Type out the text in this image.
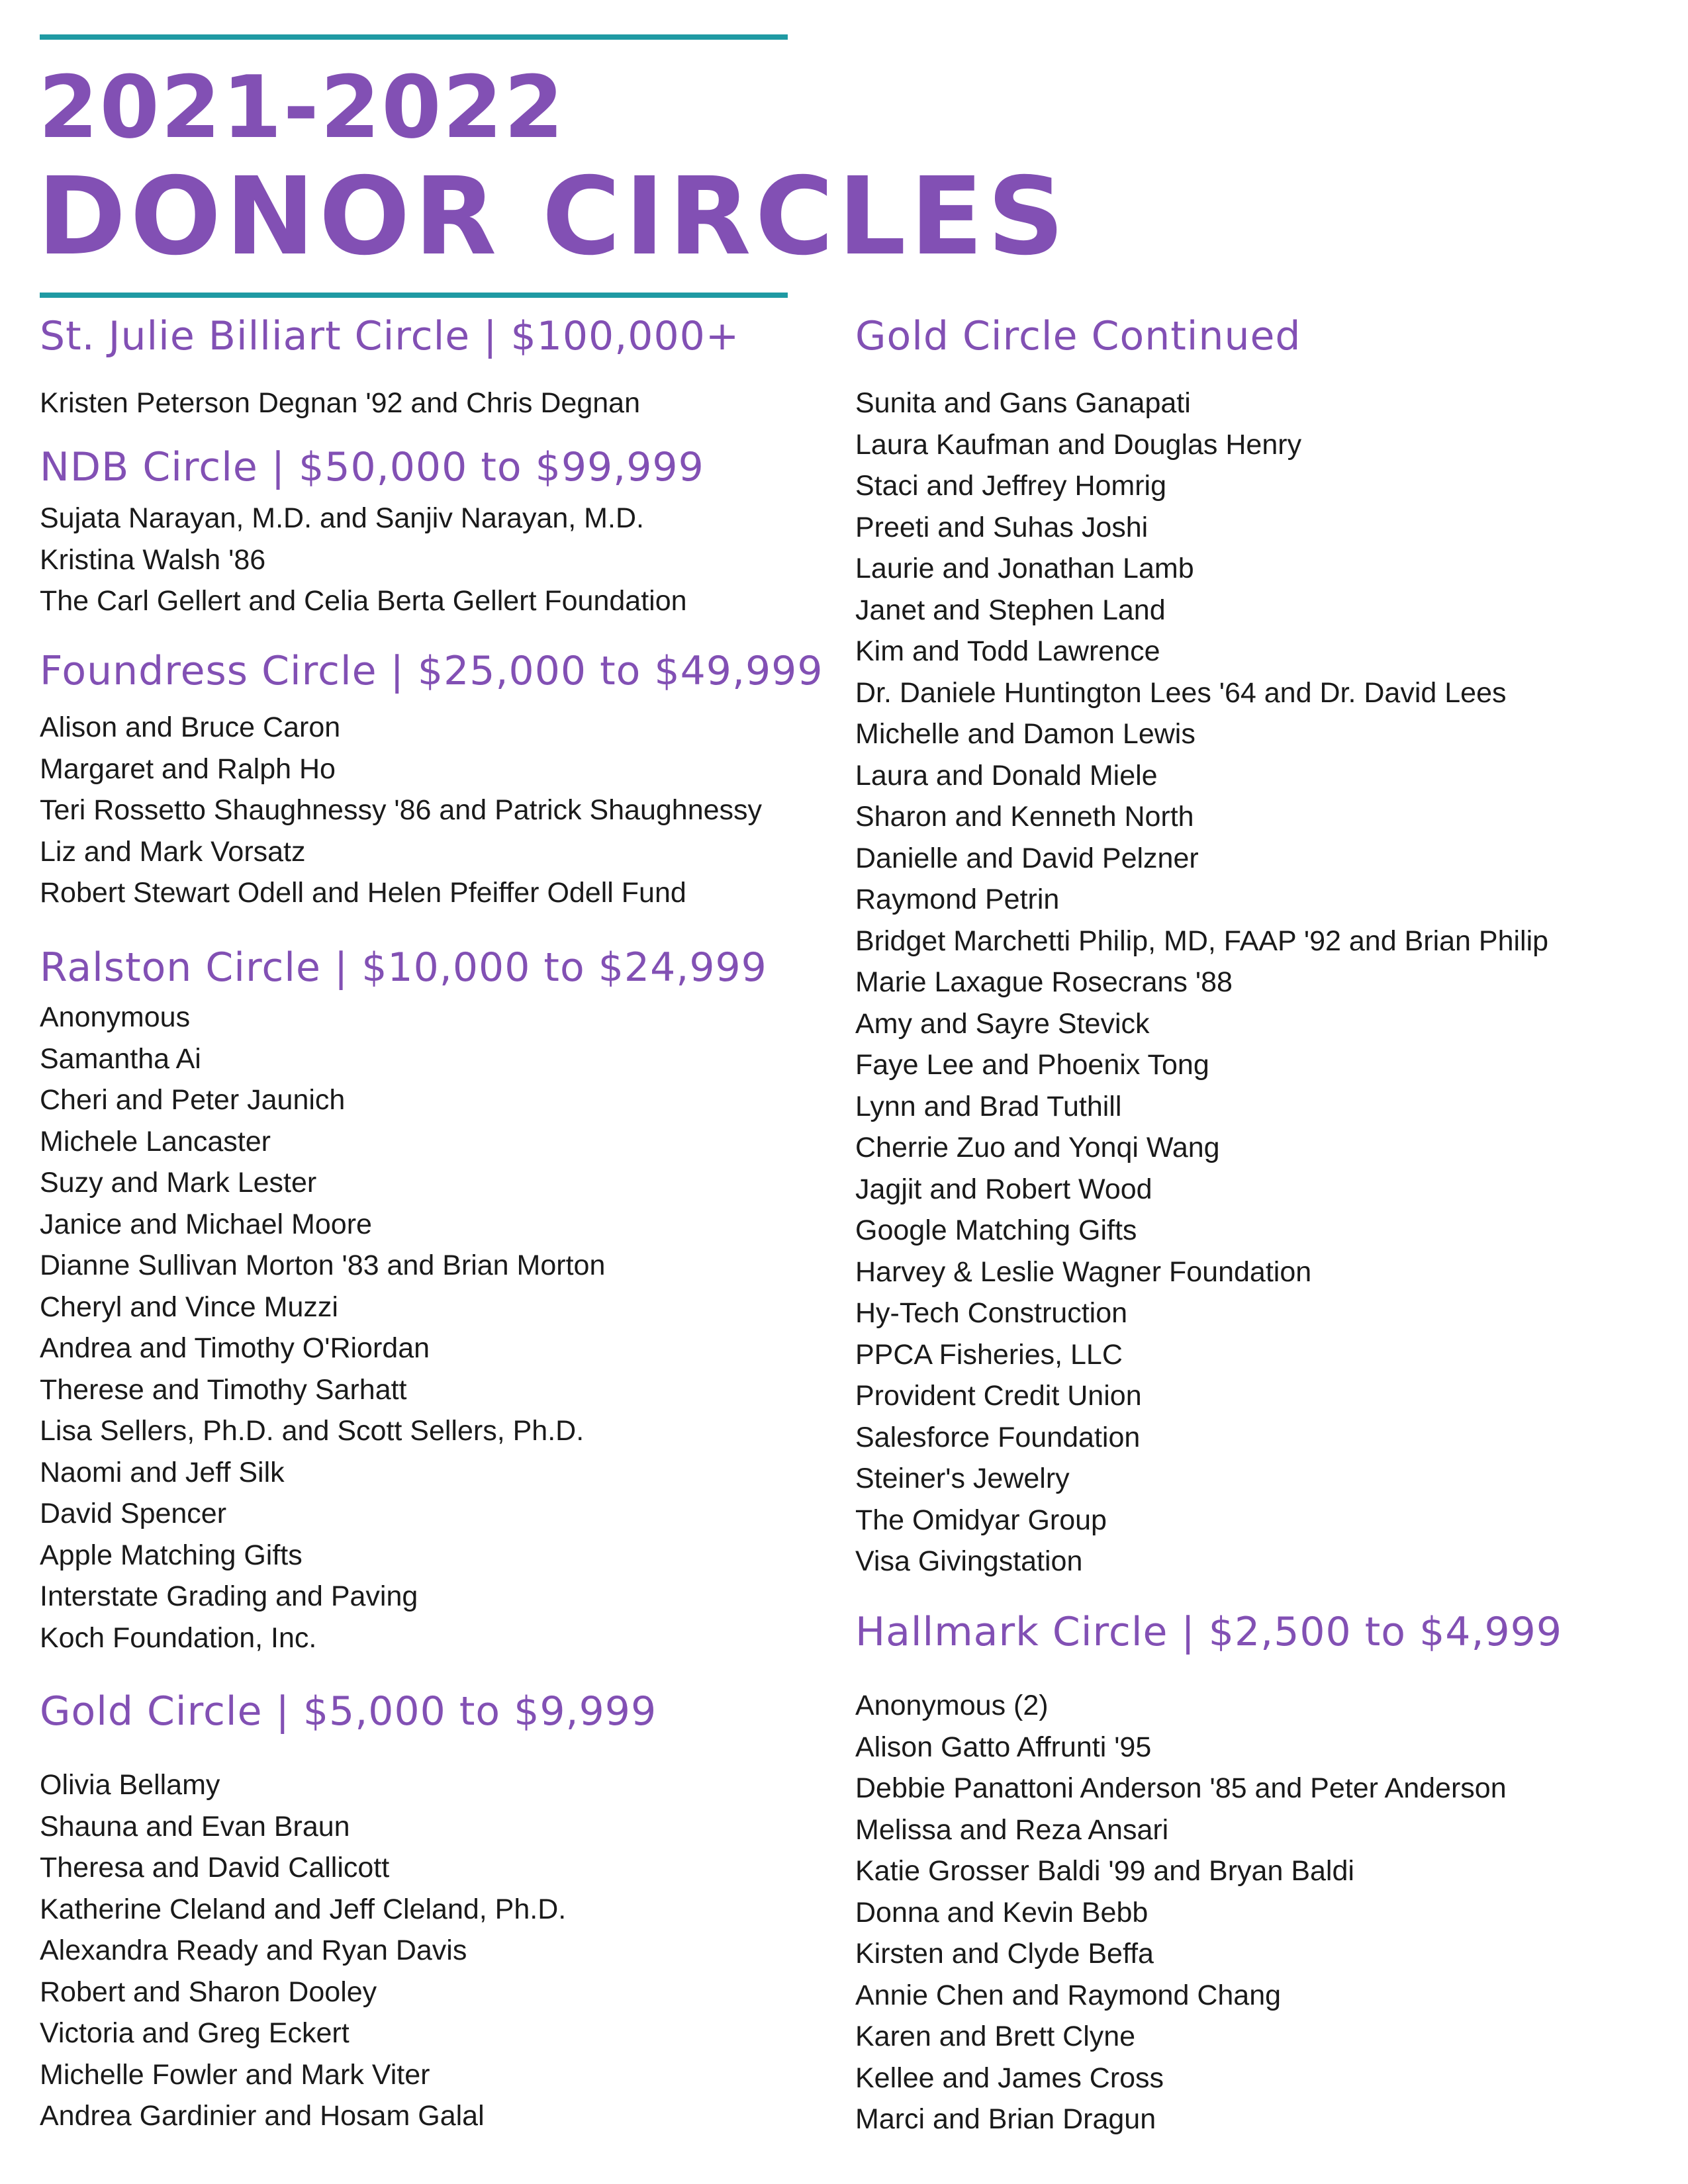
2021-2022
DONOR CIRCLES
St. Julie Billiart Circle | $100,000+
Kristen Peterson Degnan '92 and Chris Degnan
NDB Circle | $50,000 to $99,999
Sujata Narayan, M.D. and Sanjiv Narayan, M.D.
Kristina Walsh '86
The Carl Gellert and Celia Berta Gellert Foundation
Foundress Circle | $25,000 to $49,999
Alison and Bruce Caron
Margaret and Ralph Ho
Teri Rossetto Shaughnessy '86 and Patrick Shaughnessy
Liz and Mark Vorsatz
Robert Stewart Odell and Helen Pfeiffer Odell Fund
Ralston Circle | $10,000 to $24,999
Anonymous
Samantha Ai
Cheri and Peter Jaunich
Michele Lancaster
Suzy and Mark Lester
Janice and Michael Moore
Dianne Sullivan Morton '83 and Brian Morton
Cheryl and Vince Muzzi
Andrea and Timothy O'Riordan
Therese and Timothy Sarhatt
Lisa Sellers, Ph.D. and Scott Sellers, Ph.D.
Naomi and Jeff Silk
David Spencer
Apple Matching Gifts
Interstate Grading and Paving
Koch Foundation, Inc.
Gold Circle | $5,000 to $9,999
Olivia Bellamy
Shauna and Evan Braun
Theresa and David Callicott
Katherine Cleland and Jeff Cleland, Ph.D.
Alexandra Ready and Ryan Davis
Robert and Sharon Dooley
Victoria and Greg Eckert
Michelle Fowler and Mark Viter
Andrea Gardinier and Hosam Galal
Gold Circle Continued
Sunita and Gans Ganapati
Laura Kaufman and Douglas Henry
Staci and Jeffrey Homrig
Preeti and Suhas Joshi
Laurie and Jonathan Lamb
Janet and Stephen Land
Kim and Todd Lawrence
Dr. Daniele Huntington Lees '64 and Dr. David Lees
Michelle and Damon Lewis
Laura and Donald Miele
Sharon and Kenneth North
Danielle and David Pelzner
Raymond Petrin
Bridget Marchetti Philip, MD, FAAP '92 and Brian Philip
Marie Laxague Rosecrans '88
Amy and Sayre Stevick
Faye Lee and Phoenix Tong
Lynn and Brad Tuthill
Cherrie Zuo and Yonqi Wang
Jagjit and Robert Wood
Google Matching Gifts
Harvey & Leslie Wagner Foundation
Hy-Tech Construction
PPCA Fisheries, LLC
Provident Credit Union
Salesforce Foundation
Steiner's Jewelry
The Omidyar Group
Visa Givingstation
Hallmark Circle | $2,500 to $4,999
Anonymous (2)
Alison Gatto Affrunti '95
Debbie Panattoni Anderson '85 and Peter Anderson
Melissa and Reza Ansari
Katie Grosser Baldi '99 and Bryan Baldi
Donna and Kevin Bebb
Kirsten and Clyde Beffa
Annie Chen and Raymond Chang
Karen and Brett Clyne
Kellee and James Cross
Marci and Brian Dragun
